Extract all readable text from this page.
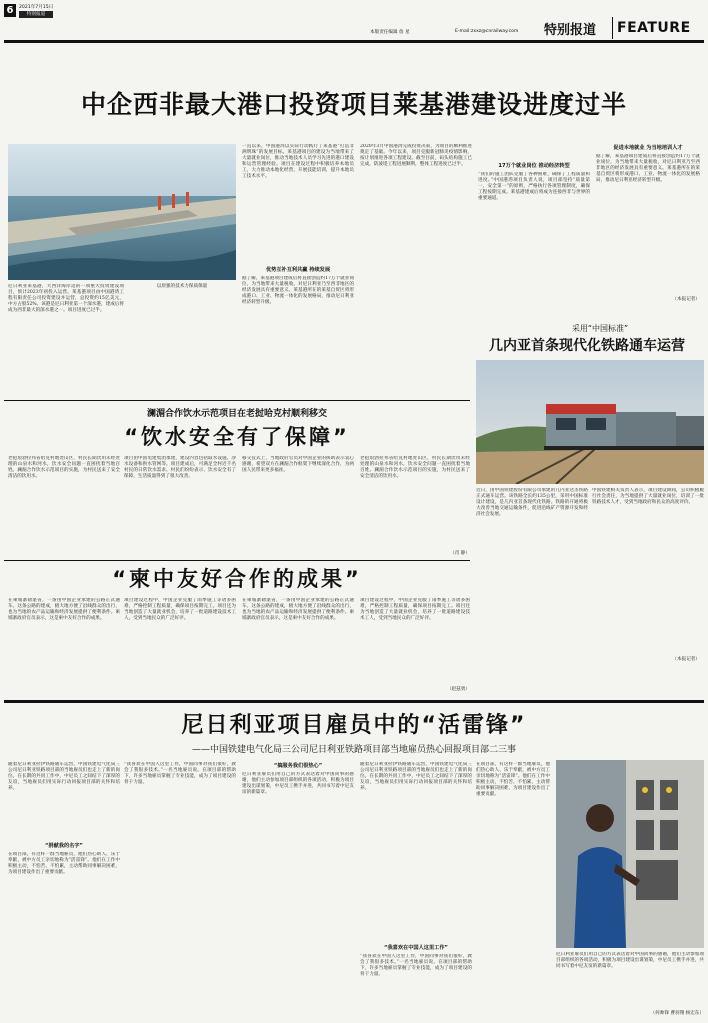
6	2021年7月15日
特别报道
本版责任编辑 詹 星	E-mail:zxxz@cnrailway.com	特别报道	FEATURE
中企西非最大港口投资项目莱基港建设进度过半
尼日利亚莱基港，大西洋海岸边的一项重大投资建设项目，预计2023年初投入运营。莱基港项目由中国港湾工程有限责任公司投资建设并运营，总投资约15亿美元，中方占股52%。该港是尼日利亚第一个深水港，建成后将成为西非最大的深水港之一。项目进度已过半。
以原强的技术力保质保量
一直以来，中国港湾以实际行动践行了莱基港“打造非洲明珠”的发展目标。莱基港项目的建设为当地带来了大量就业岗位，推动当地技术人员学习先进的港口建设和运营管理经验。项目在建设过程中积极培养本地员工，大力推动本地化经营，开展技能培训，提升本地员工技术水平。
优势互补互利共赢 持续发展
据了解，莱基港项目建成后将直接创造约17万个就业岗位，为当地带来大量税收，对尼日利亚乃至西非地区的经济发展具有重要意义。莱基港所在的莱基自贸区将形成港口、工业、物流一体化的发展格局，推动尼日利亚经济转型升级。
2020年3月中国港湾完成投资决策，为项目的顺利推进奠定了基础。今年以来，项目克服新冠肺炎疫情影响，按计划推进各项工程建设。截至目前，码头结构施工已完成，防波堤工程进展顺利，整体工程进度已过半。	17万个就业岗位 推动经济转型
“我们的施工团队克服了各种困难，确保了工程质量和进度。”中国港湾项目负责人说，项目部坚持“质量第一、安全第一”的原则，严格执行各项管理制度，确保工程按期完成。莱基港建成后将成为连接西非与世界的重要通道。
促进本地就业 为当地培训人才
据了解，莱基港项目建成后将直接创造约17万个就业岗位，为当地带来大量税收，对尼日利亚乃至西非地区的经济发展具有重要意义。莱基港所在的莱基自贸区将形成港口、工业、物流一体化的发展格局，推动尼日利亚经济转型升级。
（本报记者）
采用“中国标准”
几内亚首条现代化铁路通车运营
近日，由中国铁建股份有限公司承建的几内亚达圣铁路正式通车运营。该铁路全长约135公里，采用中国标准设计建设，是几内亚首条现代化铁路。铁路的开通将极大改善当地交通运输条件，促进沿线矿产资源开发和经济社会发展。
中国铁建相关负责人表示，项目建设期间，公司积极履行社会责任，为当地提供了大量就业岗位，培训了一批铁路技术人才，受到当地政府和民众的高度评价。
（本报记者）
澜湄合作饮水示范项目在老挝哈克村顺利移交
“饮水安全有了保障”
老挝琅勃拉邦省哈克村地处山区，村民长期饮用未经处理的山泉水和河水，饮水安全问题一直困扰着当地百姓。澜湄合作饮水示范项目的实施，为村民送来了安全清洁的饮用水。
项目由中国电建集团承建，建设内容包括取水设施、净水设备和供水管网等。项目建成后，可满足全村近千名村民的日常饮水需求。村民们纷纷表示，饮水安全有了保障，生活质量得到了很大改善。
移交仪式上，当地政府官员对中国企业的援助表示衷心感谢，希望双方在澜湄合作框架下继续深化合作，为两国人民带来更多福祉。
老挝琅勃拉邦省哈克村地处山区，村民长期饮用未经处理的山泉水和河水，饮水安全问题一直困扰着当地百姓。澜湄合作饮水示范项目的实施，为村民送来了安全清洁的饮用水。
（肖 静）
“柬中友好合作的成果”
在柬埔寨磅湛省，一条由中国企业承建的公路正式通车。这条公路的建成，极大地方便了沿线群众的出行，也为当地的农产品运输和经济发展提供了便利条件。柬埔寨政府官员表示，这是柬中友好合作的成果。
项目建设过程中，中国企业克服了雨季施工等诸多困难，严格控制工程质量，确保项目按期完工。项目还为当地创造了大量就业机会，培养了一批道路建设技术工人，受到当地民众的广泛好评。
在柬埔寨磅湛省，一条由中国企业承建的公路正式通车。这条公路的建成，极大地方便了沿线群众的出行，也为当地的农产品运输和经济发展提供了便利条件。柬埔寨政府官员表示，这是柬中友好合作的成果。
项目建设过程中，中国企业克服了雨季施工等诸多困难，严格控制工程质量，确保项目按期完工。项目还为当地创造了大量就业机会，培养了一批道路建设技术工人，受到当地民众的广泛好评。
（赵兹勇）
尼日利亚项目雇员中的“活雷锋”
——中国铁建电气化局三公司尼日利亚铁路项目部当地雇员热心回报项目部二三事
随着尼日利亚拉伊铁路通车运营，中国铁建电气化局三公司尼日利亚铁路项目部的当地雇员们也走上了新的岗位。在长期的共同工作中，中尼员工之间结下了深厚的友谊，当地雇员们用实际行动回报项目部的关怀和培养。
“捐献我的名字”
在项目部，有这样一群当地雇员，他们热心助人、乐于奉献，被中方员工亲切地称为“活雷锋”。他们在工作中积极主动，不怕苦、不怕累，主动帮助同事解决困难，为项目建设作出了重要贡献。
“我喜欢在中国人这里工作，中国同事对我们很好，教会了我很多技术。”一名当地雇员说。在项目部的帮助下，许多当地雇员掌握了专业技能，成为了项目建设的骨干力量。
“搞服务我们很热心”
尼日利亚雇员们用自己的方式表达着对中国同事的感谢，他们主动参加项目部组织的各项活动，积极为项目建设出谋划策，中尼员工携手并进，共同书写着中尼友谊的新篇章。
随着尼日利亚拉伊铁路通车运营，中国铁建电气化局三公司尼日利亚铁路项目部的当地雇员们也走上了新的岗位。在长期的共同工作中，中尼员工之间结下了深厚的友谊，当地雇员们用实际行动回报项目部的关怀和培养。
“我喜欢在中国人这里工作”
“我喜欢在中国人这里工作，中国同事对我们很好，教会了我很多技术。”一名当地雇员说。在项目部的帮助下，许多当地雇员掌握了专业技能，成为了项目建设的骨干力量。
在项目部，有这样一群当地雇员，他们热心助人、乐于奉献，被中方员工亲切地称为“活雷锋”。他们在工作中积极主动，不怕苦、不怕累，主动帮助同事解决困难，为项目建设作出了重要贡献。
尼日利亚雇员们用自己的方式表达着对中国同事的感谢，他们主动参加项目部组织的各项活动，积极为项目建设出谋划策，中尼员工携手并进，共同书写着中尼友谊的新篇章。
（何帅锋 曹羽翔 杨宏东）
